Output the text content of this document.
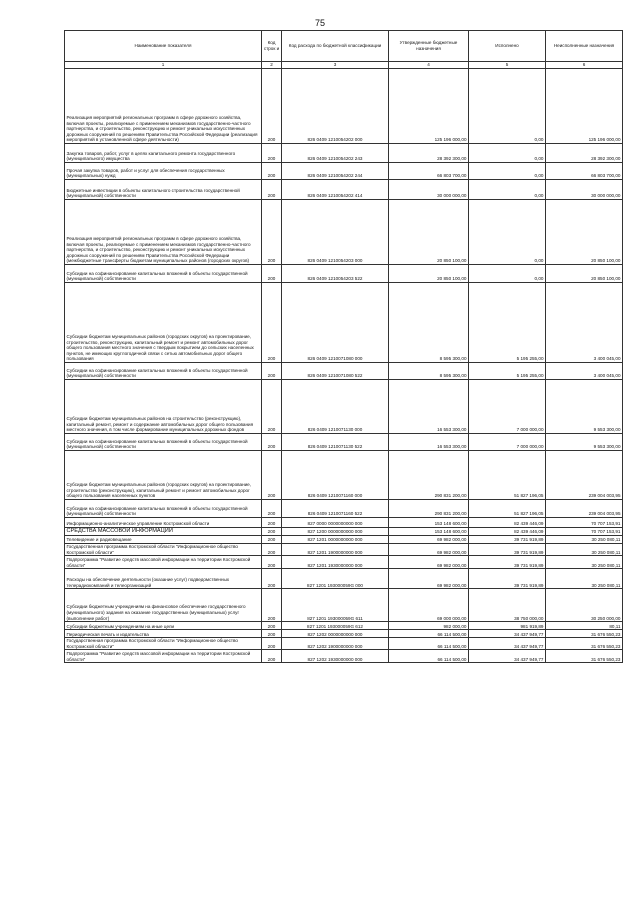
75
Наименование показателя	Код строк и	Код расхода по бюджетной классификации	Утвержденные бюджетные назначения	Исполнено	Неисполненные назначения
1	2	3	4	5	6
Реализация мероприятий региональных программ в сфере дорожного хозяйства, включая проекты, реализуемые с применением механизмов государственно-частного партнерства, и строительство, реконструкцию и ремонт уникальных искусственных дорожных сооружений по решениям Правительства Российской Федерации (реализация мероприятий в установленной сфере деятельности)	200	826 0409 1210054202 000	125 196 000,00	0,00	125 196 000,00
Закупка товаров, работ, услуг в целях капитального ремонта государственного (муниципального) имущества	200	826 0409 1210054202 243	28 392 300,00	0,00	28 392 300,00
Прочая закупка товаров, работ и услуг для обеспечения государственных (муниципальных) нужд	200	826 0409 1210054202 244	66 803 700,00	0,00	66 803 700,00
Бюджетные инвестиции в объекты капитального строительства государственной (муниципальной) собственности	200	826 0409 1210054202 414	30 000 000,00	0,00	30 000 000,00
Реализация мероприятий региональных программ в сфере дорожного хозяйства, включая проекты, реализуемые с применением механизмов государственно-частного партнерства, и строительство, реконструкцию и ремонт уникальных искусственных дорожных сооружений по решениям Правительства Российской Федерации (межбюджетные трансферты бюджетам муниципальных районов (городских округов)	200	826 0409 1210054203 000	20 850 100,00	0,00	20 850 100,00
Субсидии на софинансирование капитальных вложений в объекты государственной (муниципальной) собственности	200	826 0409 1210054203 522	20 850 100,00	0,00	20 850 100,00
Субсидии бюджетам муниципальных районов (городских округов) на проектирование, строительство, реконструкцию, капитальный ремонт и ремонт автомобильных дорог общего пользования местного значения с твердым покрытием до сельских населенных пунктов, не имеющих круглогодичной связи с сетью автомобильных дорог общего пользования	200	826 0409 1210071080 000	8 595 300,00	5 195 255,00	3 400 045,00
Субсидии на софинансирование капитальных вложений в объекты государственной (муниципальной) собственности	200	826 0409 1210071080 522	8 595 300,00	5 195 255,00	3 400 045,00
Субсидии бюджетам муниципальных районов на строительство (реконструкцию), капитальный ремонт, ремонт и содержание автомобильных дорог общего пользования местного значения, в том числе формирование муниципальных дорожных фондов	200	826 0409 1210071130 000	16 553 300,00	7 000 000,00	9 553 300,00
Субсидии на софинансирование капитальных вложений в объекты государственной (муниципальной) собственности	200	826 0409 1210071130 522	16 553 300,00	7 000 000,00	9 553 300,00
Субсидии бюджетам муниципальных районов (городских округов) на проектирование, строительство (реконструкцию), капитальный ремонт и ремонт автомобильных дорог общего пользования населенных пунктов	200	826 0409 1210071160 000	290 831 200,00	51 827 196,05	239 004 003,95
Субсидии на софинансирование капитальных вложений в объекты государственной (муниципальной) собственности	200	826 0409 1210071160 522	290 831 200,00	51 827 196,05	239 004 003,95
Информационно-аналитическое управление Костромской области	200	827 0000 0000000000 000	153 148 600,00	82 439 446,09	70 707 153,91
СРЕДСТВА МАССОВОЙ ИНФОРМАЦИИ	200	827 1200 0000000000 000	153 148 600,00	82 439 446,09	70 707 153,91
Телевидение и радиовещание	200	827 1201 0000000000 000	69 982 000,00	39 731 919,89	30 250 080,11
Государственная программа Костромской области "Информационное общество Костромской области"	200	827 1201 1900000000 000	69 982 000,00	39 731 919,89	30 250 080,11
Подпрограмма "Развитие средств массовой информации на территории Костромской области"	200	827 1201 1930000000 000	69 982 000,00	39 731 919,89	30 250 080,11
Расходы на обеспечение деятельности (оказание услуг) подведомственных телерадиокомпаний и телеорганизаций	200	827 1201 193000059G 000	69 982 000,00	39 731 919,89	30 250 080,11
Субсидии бюджетным учреждениям на финансовое обеспечение государственного (муниципального) задания на оказание государственных (муниципальных) услуг (выполнение работ)	200	827 1201 193000059G 611	69 000 000,00	38 750 000,00	30 250 000,00
Субсидии бюджетным учреждениям на иные цели	200	827 1201 193000059G 612	982 000,00	981 919,89	80,11
Периодическая печать и издательства	200	827 1202 0000000000 000	66 114 500,00	34 437 949,77	31 676 550,23
Государственная программа Костромской области "Информационное общество Костромской области"	200	827 1202 1900000000 000	66 114 500,00	34 437 949,77	31 676 550,23
Подпрограмма "Развитие средств массовой информации на территории Костромской области"	200	827 1202 1930000000 000	66 114 500,00	34 437 949,77	31 676 550,23
